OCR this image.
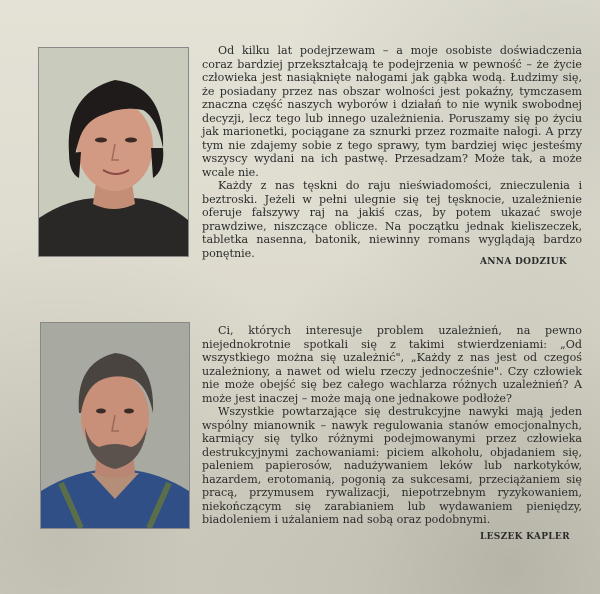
Od kilku lat podejrzewam – a moje osobiste doświadczenia coraz bardziej przekształcają te podejrzenia w pewność – że życie człowieka jest nasiąknięte nałogami jak gąbka wodą. Łudzimy się, że posiadany przez nas obszar wolności jest pokaźny, tymczasem znaczna część naszych wyborów i działań to nie wynik swobodnej decyzji, lecz tego lub innego uzależnienia. Poruszamy się po życiu jak marionetki, pociągane za sznurki przez rozmaite nałogi. A przy tym nie zdajemy sobie z tego sprawy, tym bardziej więc jesteśmy wszyscy wydani na ich pastwę. Przesadzam? Może tak, a może wcale nie.

Każdy z nas tęskni do raju nieświadomości, znieczulenia i beztroski. Jeżeli w pełni ulegnie się tej tęsknocie, uzależnienie oferuje fałszywy raj na jakiś czas, by potem ukazać swoje prawdziwe, niszczące oblicze. Na początku jednak kieliszeczek, tabletka nasenna, batonik, niewinny romans wyglądają bardzo ponętnie.

ANNA DODZIUK

Ci, których interesuje problem uzależnień, na pewno niejednokrotnie spotkali się z takimi stwierdzeniami: „Od wszystkiego można się uzależnić", „Każdy z nas jest od czegoś uzależniony, a nawet od wielu rzeczy jednocześnie". Czy człowiek nie może obejść się bez całego wachlarza różnych uzależnień? A może jest inaczej – może mają one jednakowe podłoże?

Wszystkie powtarzające się destrukcyjne nawyki mają jeden wspólny mianownik – nawyk regulowania stanów emocjonalnych, karmiący się tylko różnymi podejmowanymi przez człowieka destrukcyjnymi zachowaniami: piciem alkoholu, objadaniem się, paleniem papierosów, nadużywaniem leków lub narkotyków, hazardem, erotomanią, pogonią za sukcesami, przeciążaniem się pracą, przymusem rywalizacji, niepotrzebnym ryzykowaniem, niekończącym się zarabianiem lub wydawaniem pieniędzy, biadoleniem i użalaniem nad sobą oraz podobnymi.

LESZEK KAPLER
